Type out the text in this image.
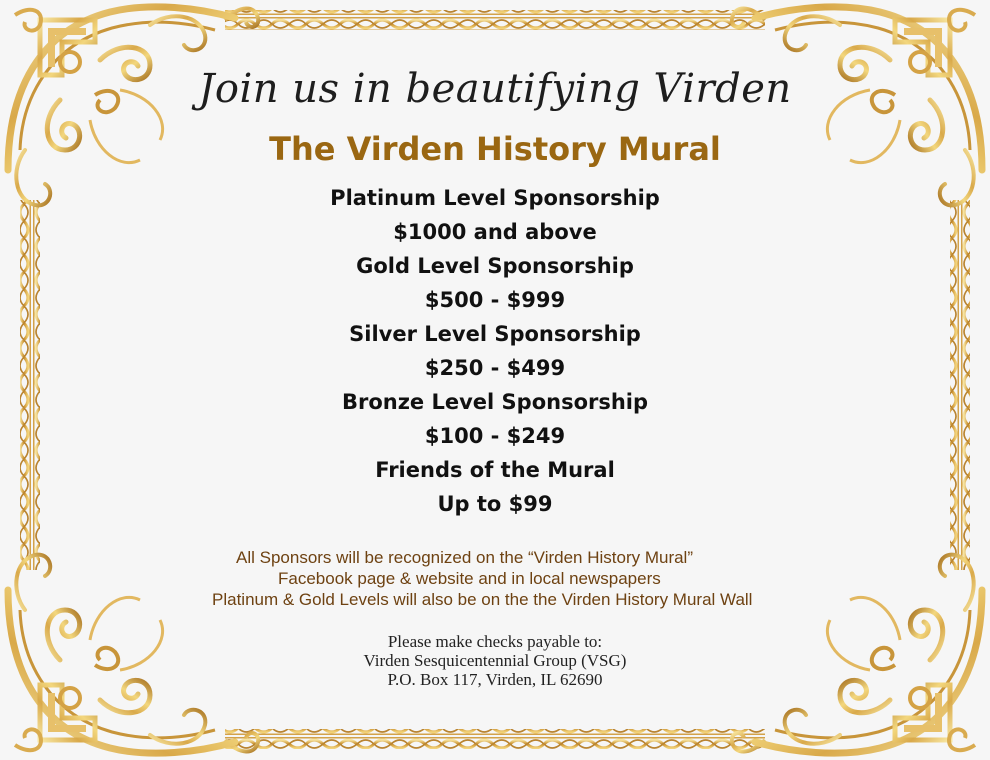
Join us in beautifying Virden
The Virden History Mural
Platinum Level Sponsorship
$1000 and above
Gold Level Sponsorship
$500 - $999
Silver Level Sponsorship
$250 - $499
Bronze Level Sponsorship
$100 - $249
Friends of the Mural
Up to $99
All Sponsors will be recognized on the “Virden History Mural”
Facebook page & website and in local newspapers
Platinum & Gold Levels will also be on the the Virden History Mural Wall
Please make checks payable to:
Virden Sesquicentennial Group (VSG)
P.O. Box 117, Virden, IL 62690
